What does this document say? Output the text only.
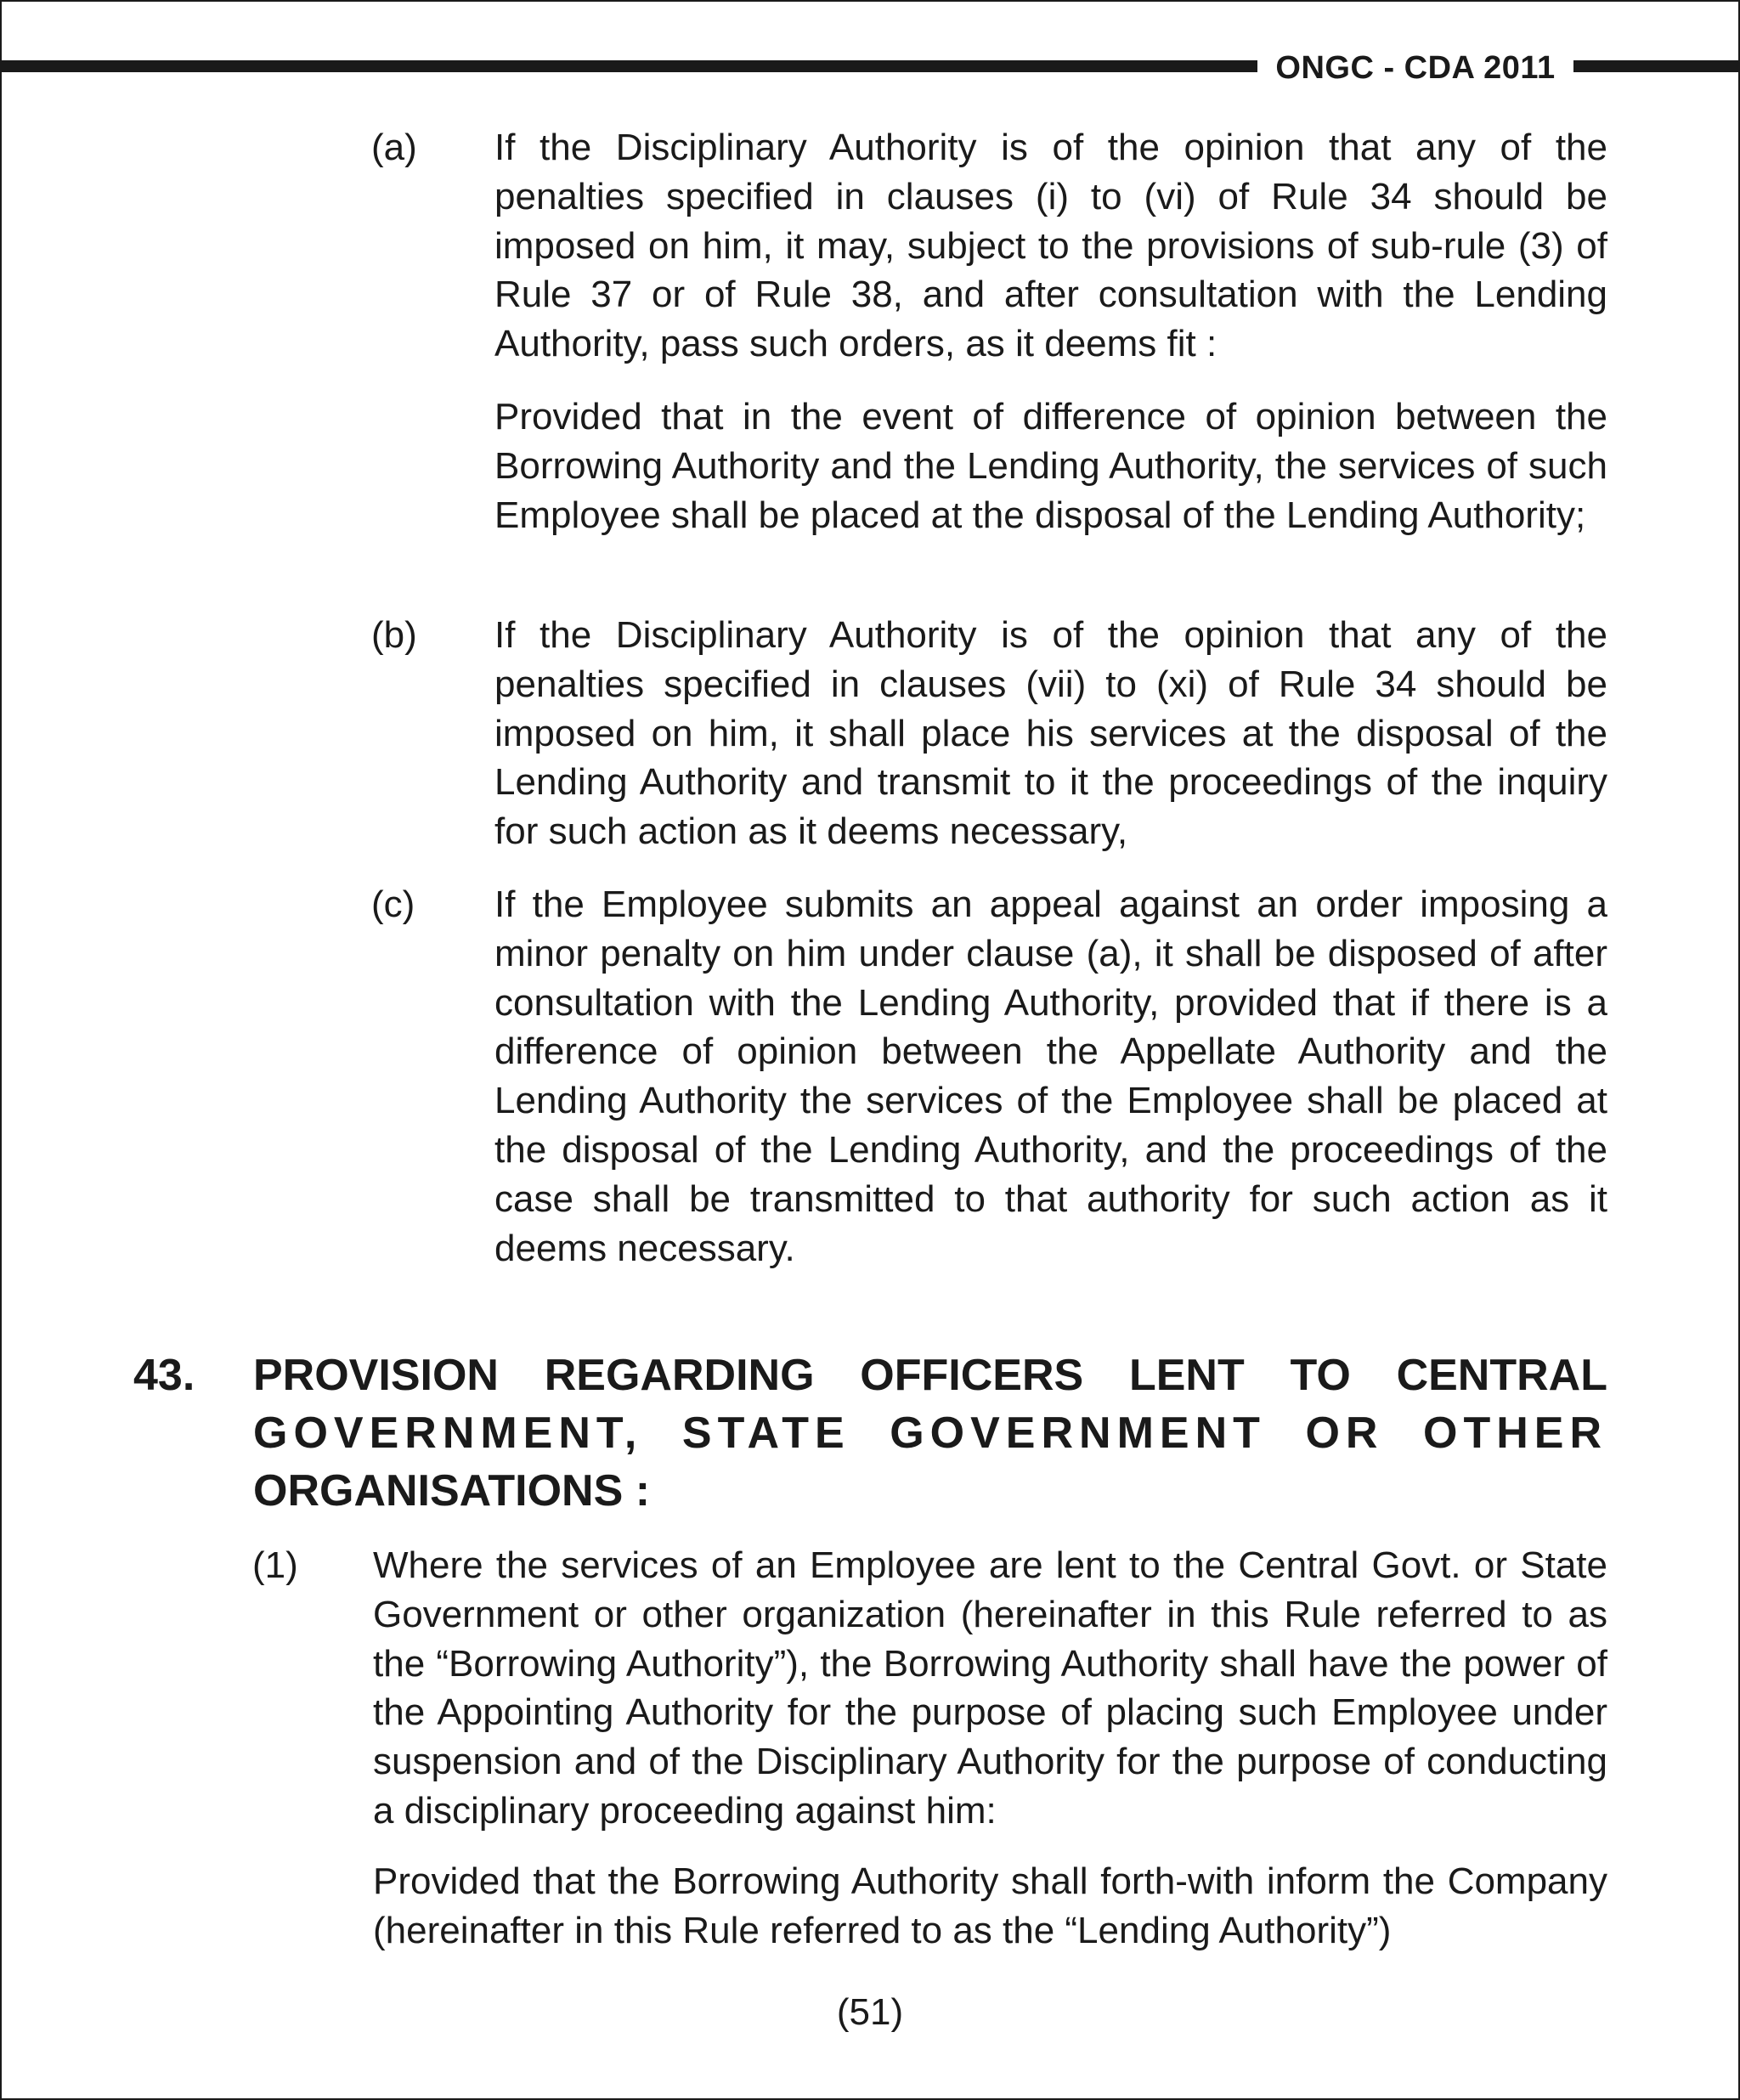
ONGC - CDA 2011
(a) If the Disciplinary Authority is of the opinion that any of the penalties specified in clauses (i) to (vi) of Rule 34 should be imposed on him, it may, subject to the provisions of sub-rule (3) of Rule 37 or of Rule 38, and after consultation with the Lending Authority, pass such orders, as it deems fit :
Provided that in the event of difference of opinion between the Borrowing Authority and the Lending Authority, the services of such Employee shall be placed at the disposal of the Lending Authority;
(b) If the Disciplinary Authority is of the opinion that any of the penalties specified in clauses (vii) to (xi) of Rule 34 should be imposed on him, it shall place his services at the disposal of the Lending Authority and transmit to it the proceedings of the inquiry for such action as it deems necessary,
(c) If the Employee submits an appeal against an order imposing a minor penalty on him under clause (a), it shall be disposed of after consultation with the Lending Authority, provided that if there is a difference of opinion between the Appellate Authority and the Lending Authority the services of the Employee shall be placed at the disposal of the Lending Authority, and the proceedings of the case shall be transmitted to that authority for such action as it deems necessary.
43. PROVISION REGARDING OFFICERS LENT TO CENTRAL
GOVERNMENT, STATE GOVERNMENT OR OTHER
ORGANISATIONS :
(1) Where the services of an Employee are lent to the Central Govt. or State Government or other organization (hereinafter in this Rule referred to as the “Borrowing Authority”), the Borrowing Authority shall have the power of the Appointing Authority for the purpose of placing such Employee under suspension and of the Disciplinary Authority for the purpose of conducting a disciplinary proceeding against him:
Provided that the Borrowing Authority shall forth-with inform the Company (hereinafter in this Rule referred to as the “Lending Authority”)
(51)
